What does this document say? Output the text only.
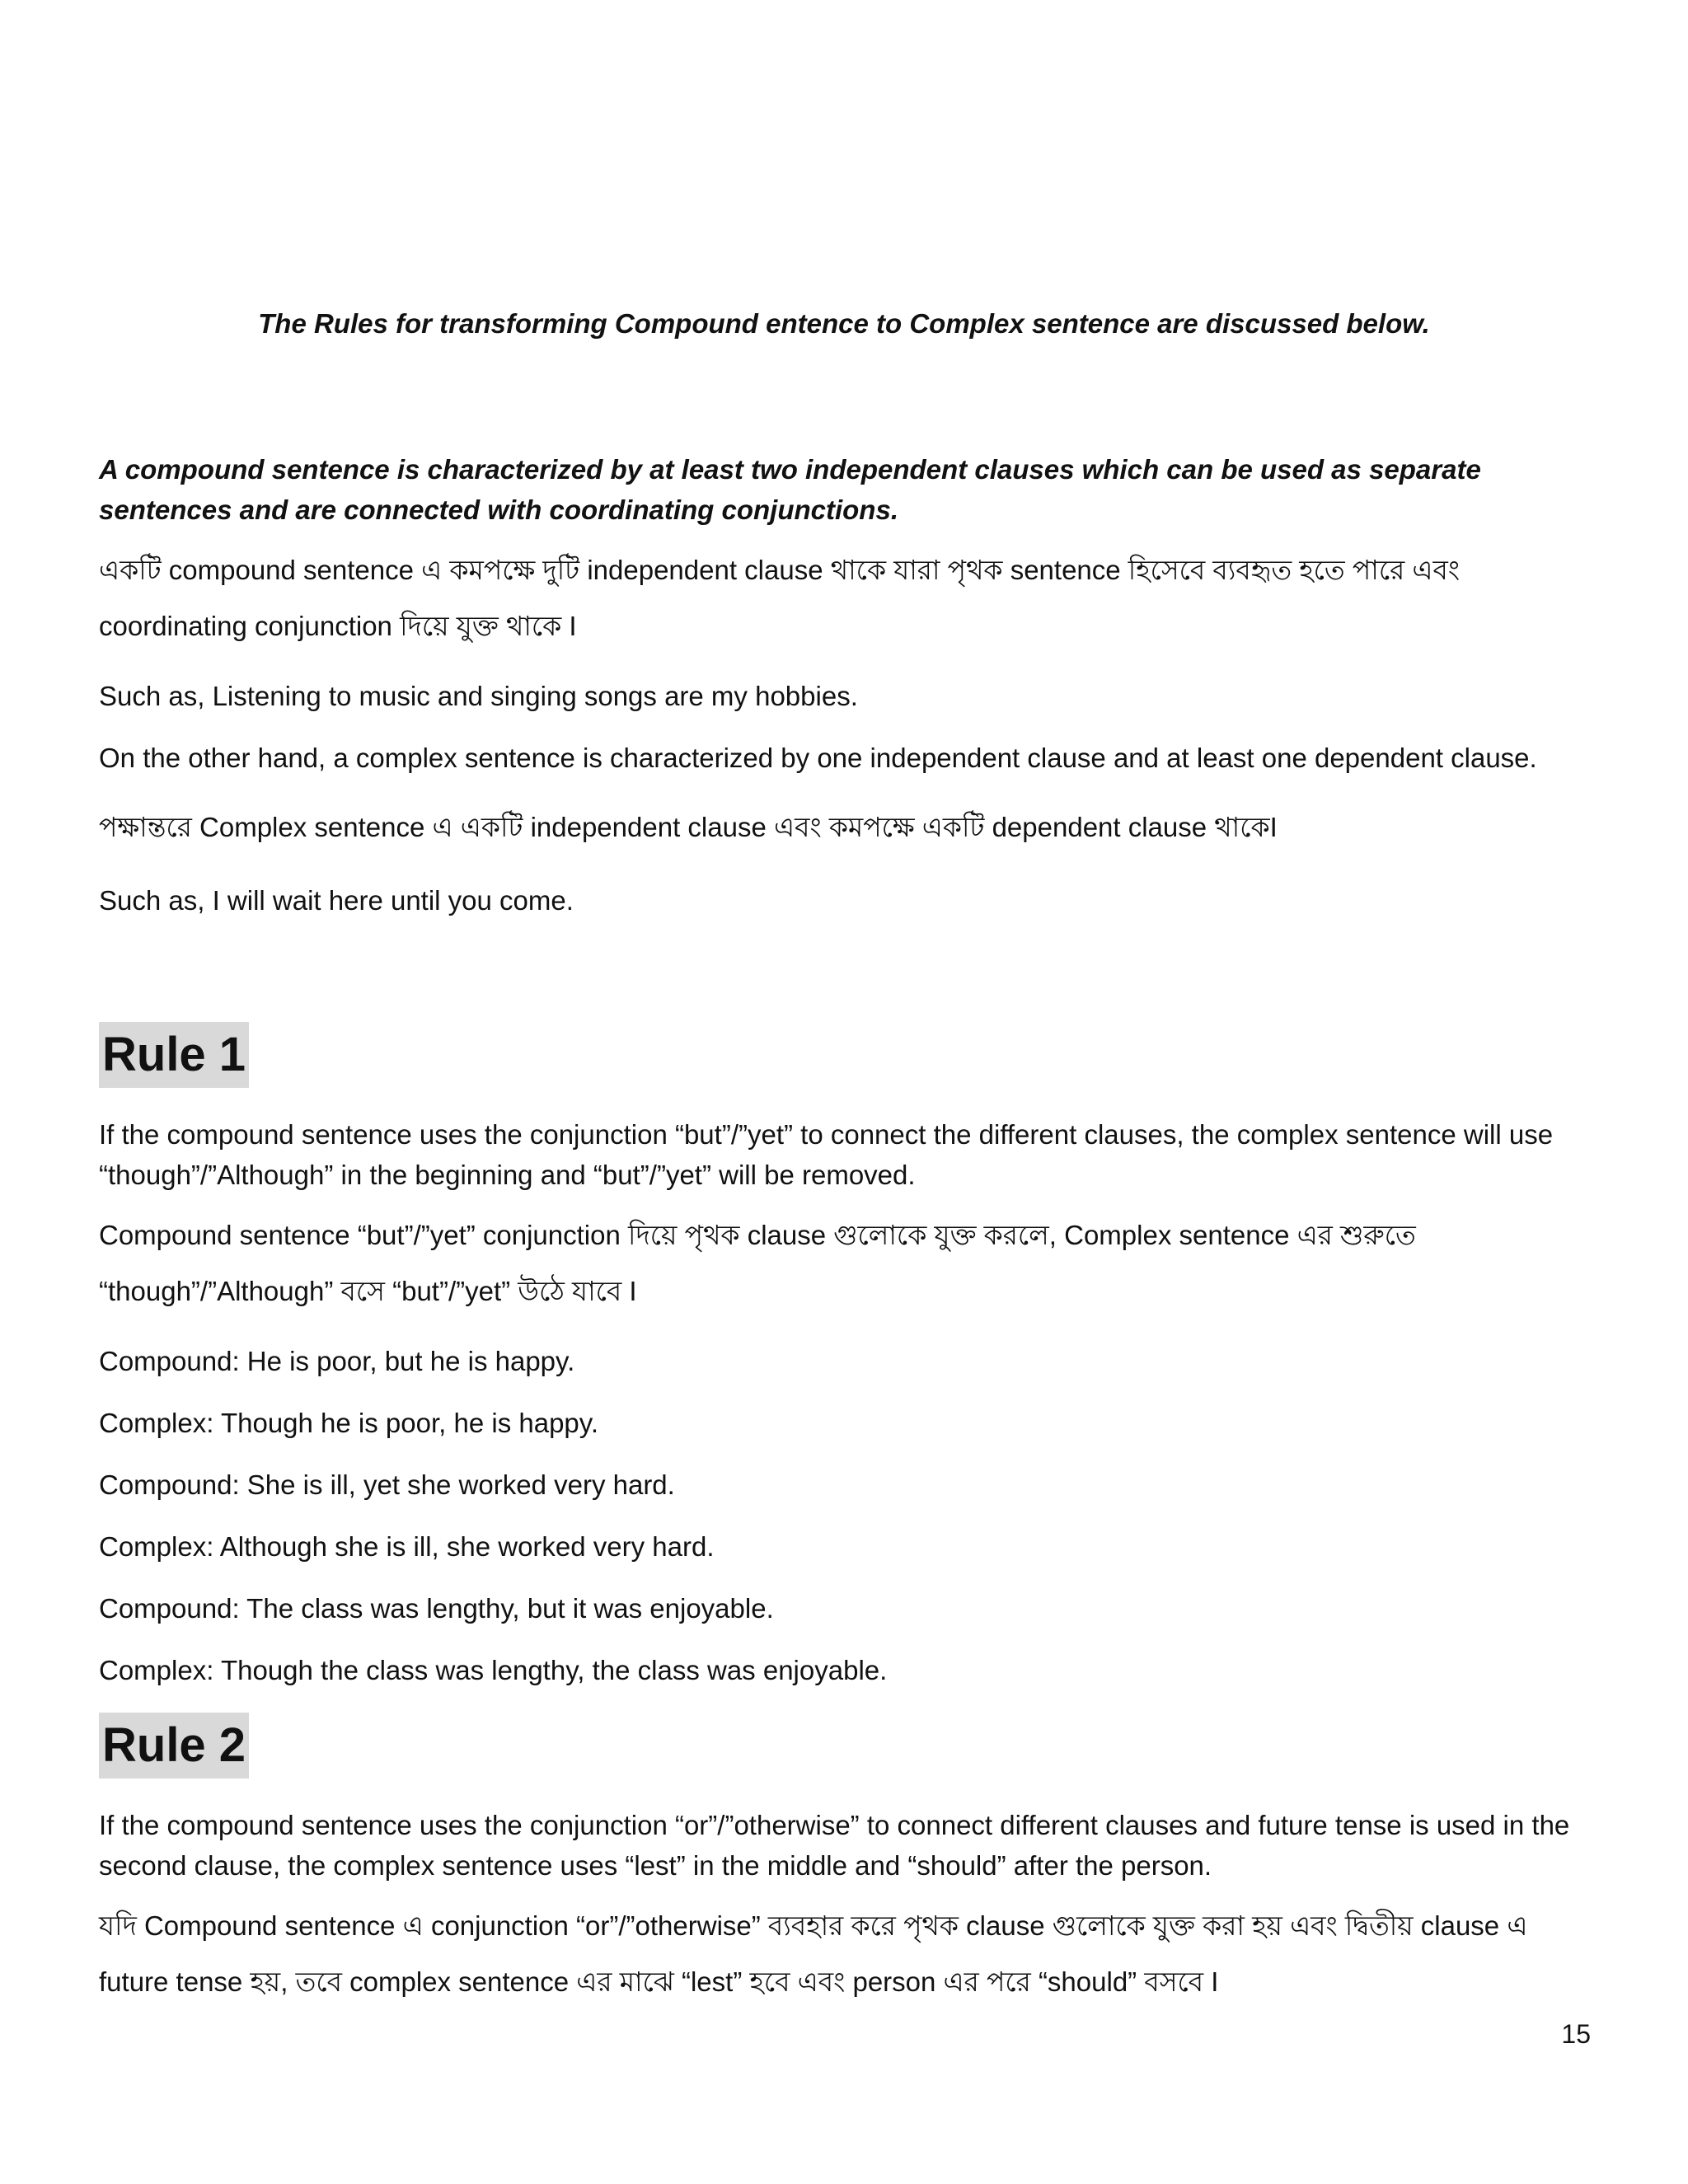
The Rules for transforming Compound entence to Complex sentence are discussed below.

A compound sentence is characterized by at least two independent clauses which can be used as separate sentences and are connected with coordinating conjunctions.

একটি compound sentence এ কমপক্ষে দুটি independent clause থাকে যারা পৃথক sentence হিসেবে ব্যবহৃত হতে পারে এবং coordinating conjunction দিয়ে যুক্ত থাকে I

Such as, Listening to music and singing songs are my hobbies.

On the other hand, a complex sentence is characterized by one independent clause and at least one dependent clause.

পক্ষান্তরে Complex sentence এ একটি independent clause এবং কমপক্ষে একটি dependent clause থাকেI

Such as, I will wait here until you come.

Rule 1

If the compound sentence uses the conjunction “but”/”yet” to connect the different clauses, the complex sentence will use “though”/”Although” in the beginning and “but”/”yet” will be removed.

Compound sentence “but”/”yet” conjunction দিয়ে পৃথক clause গুলোকে যুক্ত করলে, Complex sentence এর শুরুতে “though”/”Although” বসে “but”/”yet” উঠে যাবে I

Compound: He is poor, but he is happy.

Complex: Though he is poor, he is happy.

Compound: She is ill, yet she worked very hard.

Complex: Although she is ill, she worked very hard.

Compound: The class was lengthy, but it was enjoyable.

Complex: Though the class was lengthy, the class was enjoyable.

Rule 2

If the compound sentence uses the conjunction “or”/”otherwise” to connect different clauses and future tense is used in the second clause, the complex sentence uses “lest” in the middle and “should” after the person.

যদি Compound sentence এ conjunction “or”/”otherwise” ব্যবহার করে পৃথক clause গুলোকে যুক্ত করা হয় এবং দ্বিতীয় clause এ future tense হয়, তবে complex sentence এর মাঝে “lest” হবে এবং person এর পরে “should” বসবে I

15
